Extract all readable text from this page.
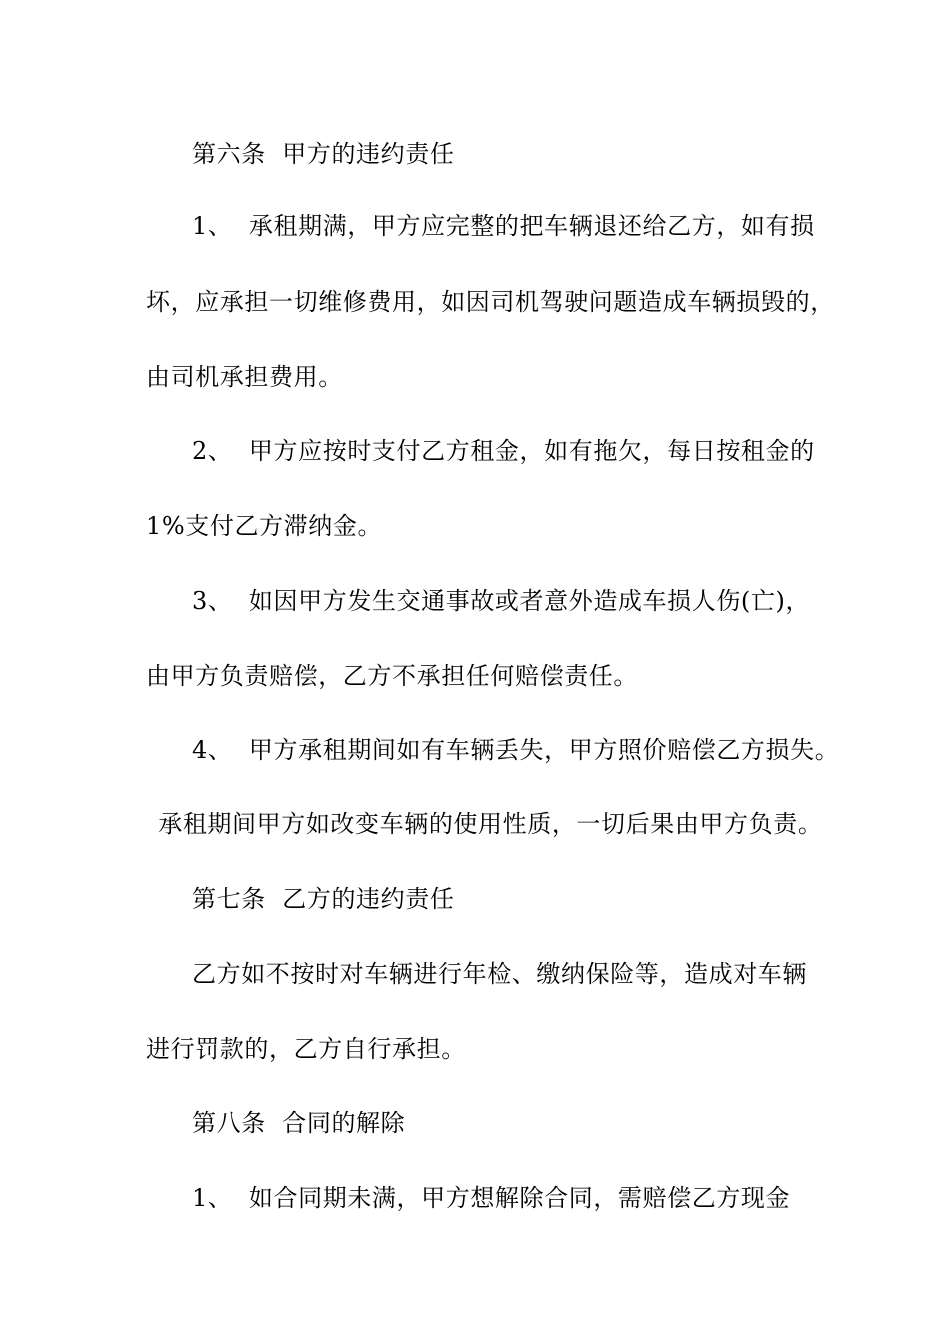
第六条  甲方的违约责任
1、  承租期满，甲方应完整的把车辆退还给乙方，如有损
坏，应承担一切维修费用，如因司机驾驶问题造成车辆损毁的，
由司机承担费用。
2、  甲方应按时支付乙方租金，如有拖欠，每日按租金的
1%支付乙方滞纳金。
3、  如因甲方发生交通事故或者意外造成车损人伤(亡)，
由甲方负责赔偿，乙方不承担任何赔偿责任。
4、  甲方承租期间如有车辆丢失，甲方照价赔偿乙方损失。
承租期间甲方如改变车辆的使用性质，一切后果由甲方负责。
第七条  乙方的违约责任
乙方如不按时对车辆进行年检、缴纳保险等，造成对车辆
进行罚款的，乙方自行承担。
第八条  合同的解除
1、  如合同期未满，甲方想解除合同，需赔偿乙方现金
